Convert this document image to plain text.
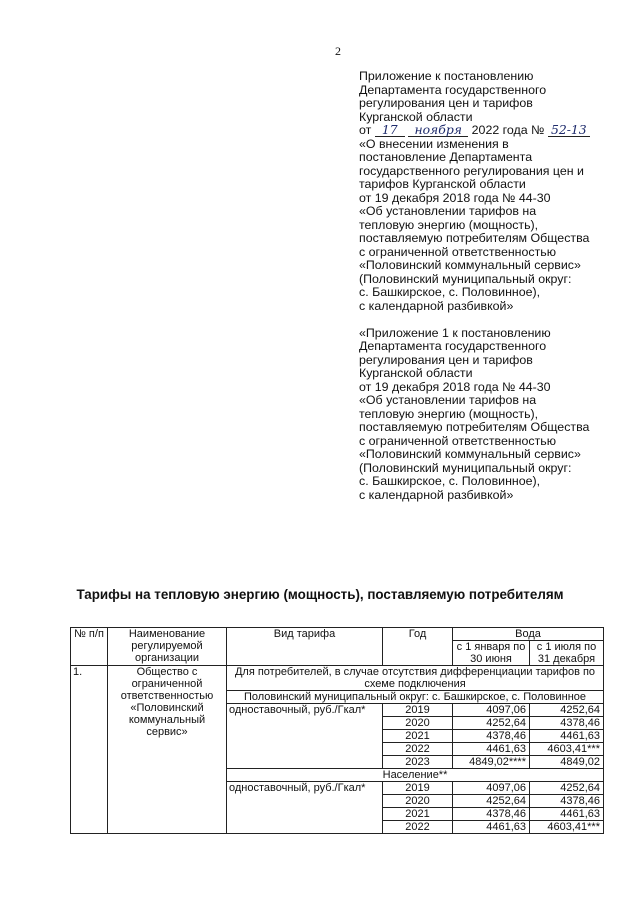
2
Приложение к постановлению
Департамента государственного
регулирования цен и тарифов
Курганской области
от 17 ноября 2022 года № 52-13
«О внесении изменения в
постановление Департамента
государственного регулирования цен и
тарифов Курганской области
от 19 декабря 2018 года № 44-30
«Об установлении тарифов на
тепловую энергию (мощность),
поставляемую потребителям Общества
с ограниченной ответственностью
«Половинский коммунальный сервис»
(Половинский муниципальный округ:
с. Башкирское, с. Половинное),
с календарной разбивкой»
«Приложение 1 к постановлению
Департамента государственного
регулирования цен и тарифов
Курганской области
от 19 декабря 2018 года № 44-30
«Об установлении тарифов на
тепловую энергию (мощность),
поставляемую потребителям Общества
с ограниченной ответственностью
«Половинский коммунальный сервис»
(Половинский муниципальный округ:
с. Башкирское, с. Половинное),
с календарной разбивкой»
Тарифы на тепловую энергию (мощность), поставляемую потребителям
№ п/п	Наименование регулируемой организации	Вид тарифа	Год	Вода	
				с 1 января по 30 июня	с 1 июля по 31 декабря
1.	Общество с ограниченной ответственностью «Половинский коммунальный сервис»	Для потребителей, в случае отсутствия дифференциации тарифов по схеме подключения			
		Половинский муниципальный округ: с. Башкирское, с. Половинное			
		одноставочный, руб./Гкал*	2019	4097,06	4252,64
			2020	4252,64	4378,46
			2021	4378,46	4461,63
			2022	4461,63	4603,41***
			2023	4849,02****	4849,02
		Население**			
		одноставочный, руб./Гкал*	2019	4097,06	4252,64
			2020	4252,64	4378,46
			2021	4378,46	4461,63
			2022	4461,63	4603,41***
